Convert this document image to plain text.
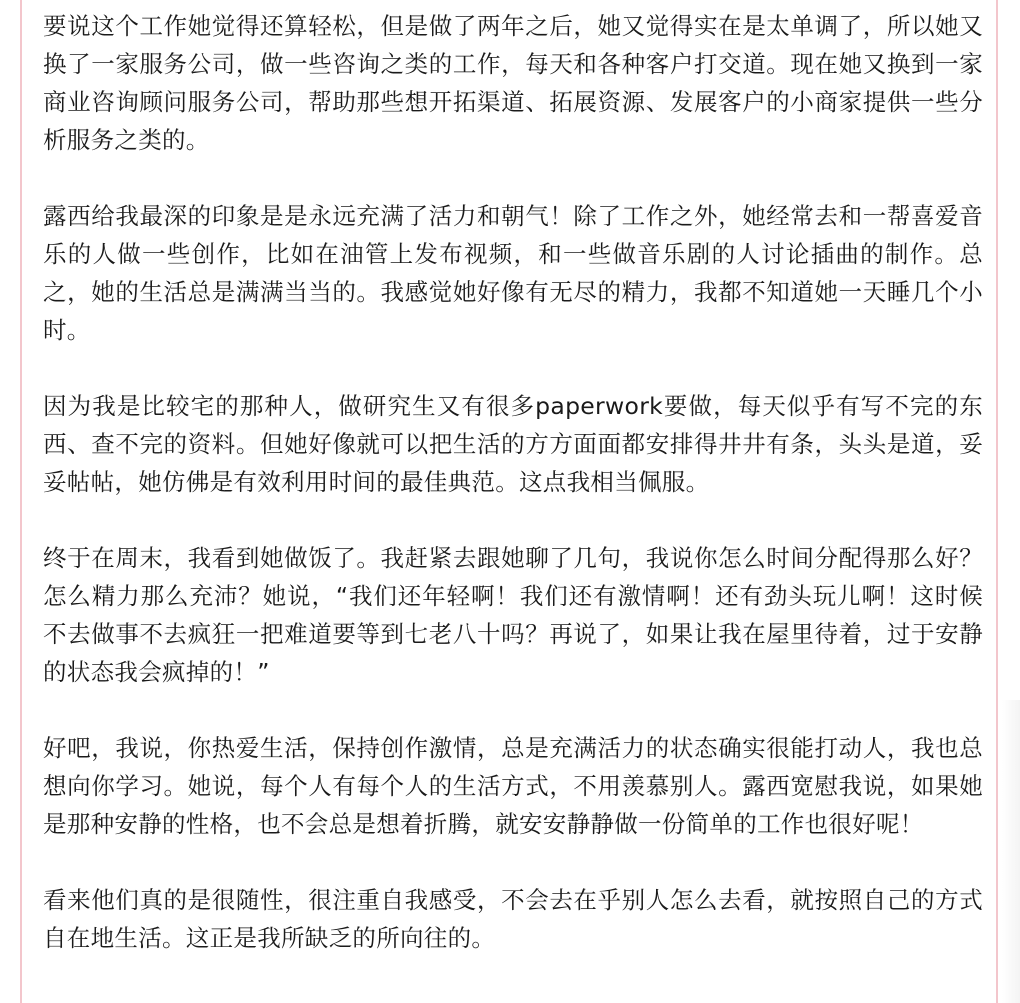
要说这个工作她觉得还算轻松，但是做了两年之后，她又觉得实在是太单调了，所以她又换了一家服务公司，做一些咨询之类的工作，每天和各种客户打交道。现在她又换到一家商业咨询顾问服务公司，帮助那些想开拓渠道、拓展资源、发展客户的小商家提供一些分析服务之类的。

露西给我最深的印象是是永远充满了活力和朝气！除了工作之外，她经常去和一帮喜爱音乐的人做一些创作，比如在油管上发布视频，和一些做音乐剧的人讨论插曲的制作。总之，她的生活总是满满当当的。我感觉她好像有无尽的精力，我都不知道她一天睡几个小时。

因为我是比较宅的那种人，做研究生又有很多paperwork要做，每天似乎有写不完的东西、查不完的资料。但她好像就可以把生活的方方面面都安排得井井有条，头头是道，妥妥帖帖，她仿佛是有效利用时间的最佳典范。这点我相当佩服。

终于在周末，我看到她做饭了。我赶紧去跟她聊了几句，我说你怎么时间分配得那么好？怎么精力那么充沛？她说，“我们还年轻啊！我们还有激情啊！还有劲头玩儿啊！这时候不去做事不去疯狂一把难道要等到七老八十吗？再说了，如果让我在屋里待着，过于安静的状态我会疯掉的！”

好吧，我说，你热爱生活，保持创作激情，总是充满活力的状态确实很能打动人，我也总想向你学习。她说，每个人有每个人的生活方式，不用羡慕别人。露西宽慰我说，如果她是那种安静的性格，也不会总是想着折腾，就安安静静做一份简单的工作也很好呢！

看来他们真的是很随性，很注重自我感受，不会去在乎别人怎么去看，就按照自己的方式自在地生活。这正是我所缺乏的所向往的。
